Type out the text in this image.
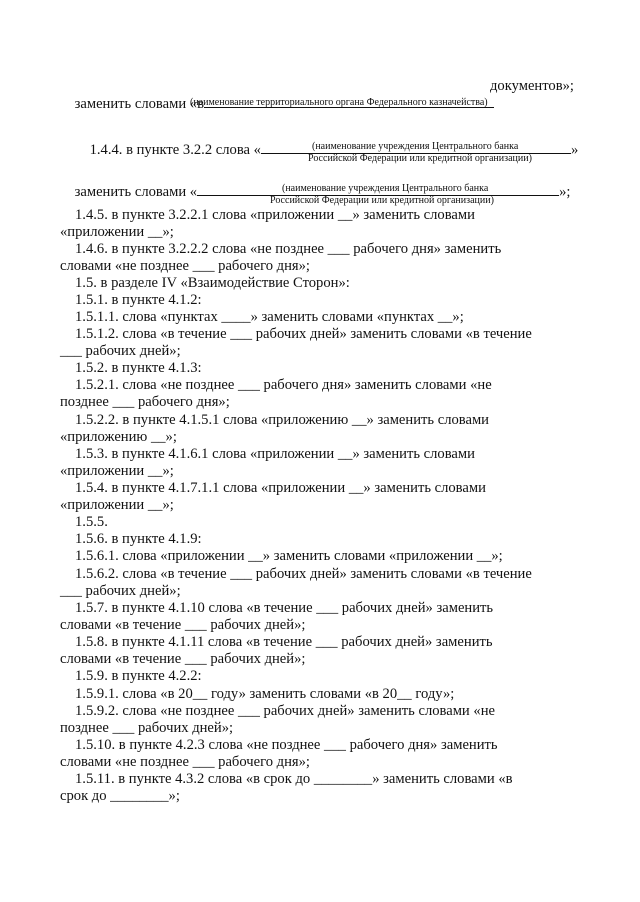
заменить словами «в

документов»;
(наименование территориального органа Федерального казначейства)

1.4.4. в пункте 3.2.2 слова «	»

(наименование учреждения Центрального банка
Российской Федерации или кредитной организации)

заменить словами «	»;

(наименование учреждения Центрального банка
Российской Федерации или кредитной организации)
1.4.5. в пункте 3.2.2.1 слова «приложении __» заменить словами
«приложении __»;
1.4.6. в пункте 3.2.2.2 слова «не позднее ___ рабочего дня» заменить
словами «не позднее ___ рабочего дня»;
1.5. в разделе IV «Взаимодействие Сторон»:
1.5.1. в пункте 4.1.2:
1.5.1.1. слова «пунктах ____» заменить словами «пунктах __»;
1.5.1.2. слова «в течение ___ рабочих дней» заменить словами «в течение
___ рабочих дней»;
1.5.2. в пункте 4.1.3:
1.5.2.1. слова «не позднее ___ рабочего дня» заменить словами «не
позднее ___ рабочего дня»;
1.5.2.2. в пункте 4.1.5.1 слова «приложению __» заменить словами
«приложению __»;
1.5.3. в пункте 4.1.6.1 слова «приложении __» заменить словами
«приложении __»;
1.5.4. в пункте 4.1.7.1.1 слова «приложении __» заменить словами
«приложении __»;
1.5.5.
1.5.6. в пункте 4.1.9:
1.5.6.1. слова «приложении __» заменить словами «приложении __»;
1.5.6.2. слова «в течение ___ рабочих дней» заменить словами «в течение
___ рабочих дней»;
1.5.7. в пункте 4.1.10 слова «в течение ___ рабочих дней» заменить
словами «в течение ___ рабочих дней»;
1.5.8. в пункте 4.1.11 слова «в течение ___ рабочих дней» заменить
словами «в течение ___ рабочих дней»;
1.5.9. в пункте 4.2.2:
1.5.9.1. слова «в 20__ году» заменить словами «в 20__ году»;
1.5.9.2. слова «не позднее ___ рабочих дней» заменить словами «не
позднее ___ рабочих дней»;
1.5.10. в пункте 4.2.3 слова «не позднее ___ рабочего дня» заменить
словами «не позднее ___ рабочего дня»;
1.5.11. в пункте 4.3.2 слова «в срок до ________» заменить словами «в
срок до ________»;
